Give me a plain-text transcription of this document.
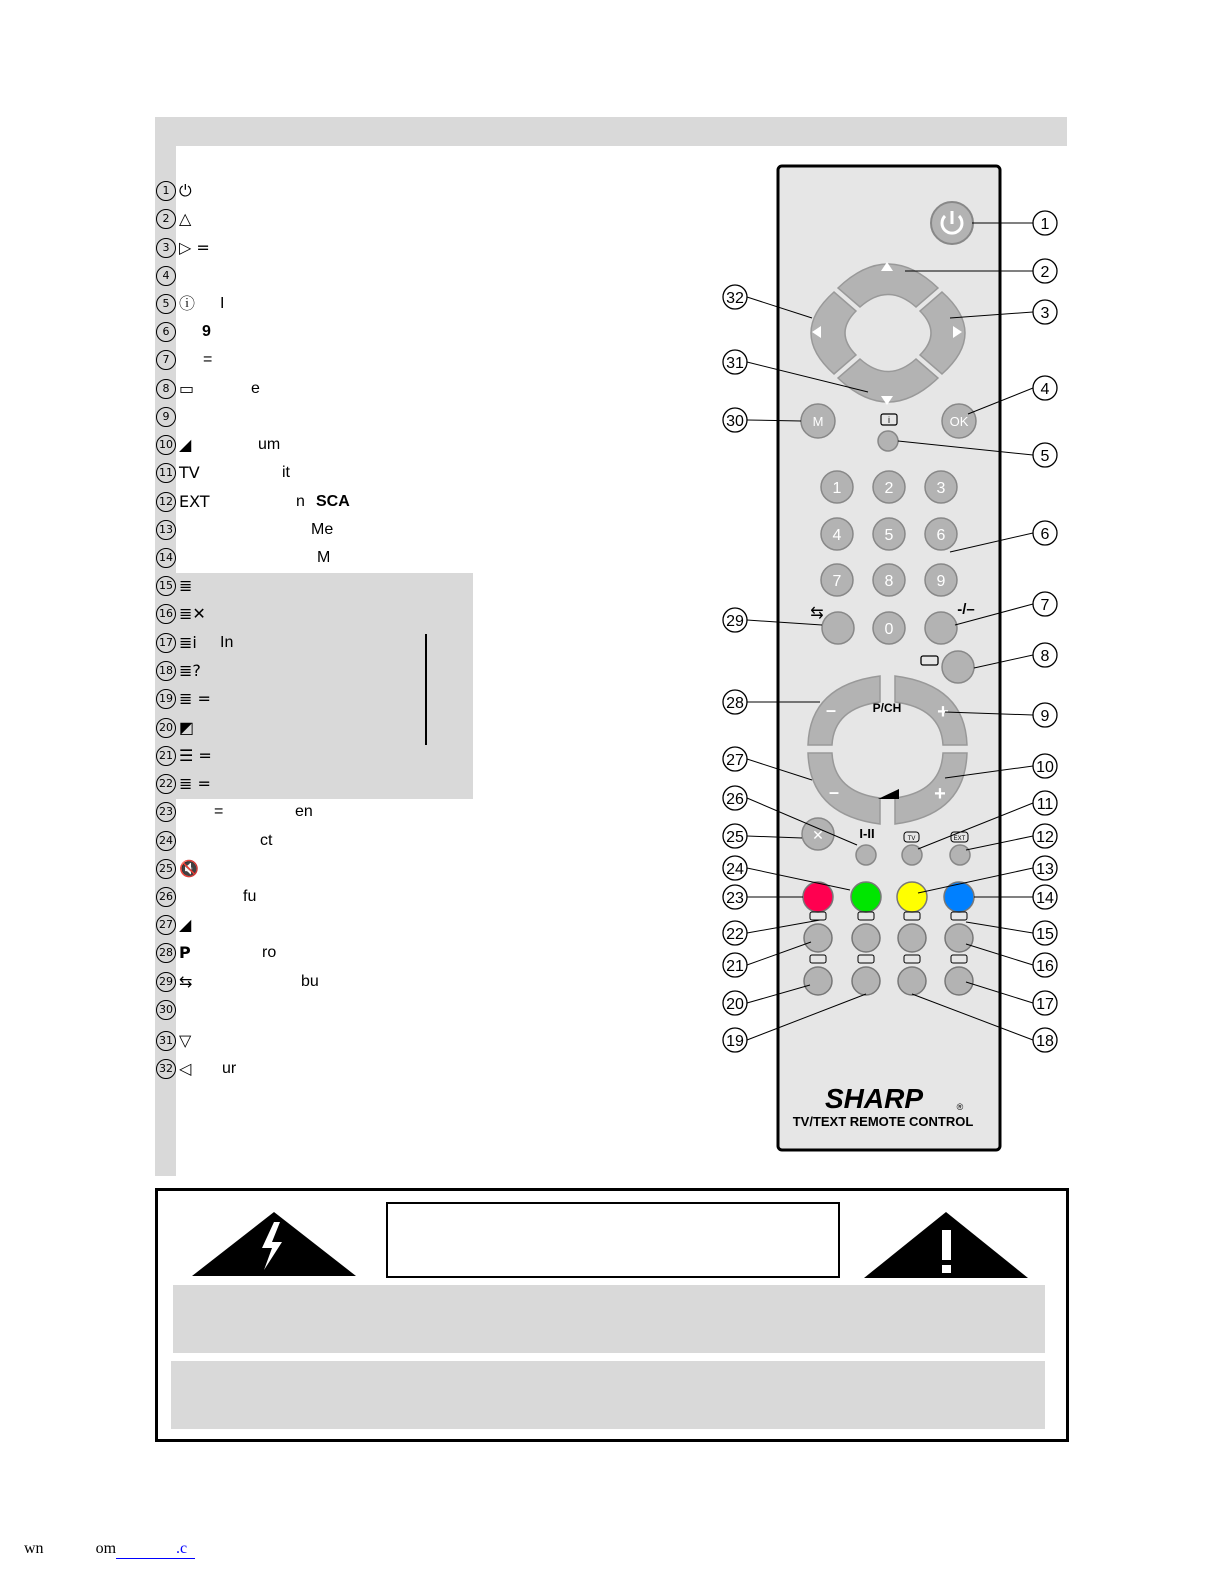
1 ⏻
2 △
3 ▷ =
4
5 ⓘ I
6	9
7	=
8 ▭	e
9
10 ◢	um
11 TV	it
12 EXT	n SCA
13	Me
14	M
15 ≣
16 ≣✕
17 ≣i In
18 ≣?
19 ≣ =
20 ◩
21 ☰ =
22 ≣ =
23	=	en
24	ct
25 🔇
26	fu
27 ◢
28 P	ro
29 ⇆	bu
30
31 ▽
32 ◁ ur
M	OK
i
1	2	3
4	5	6
7	8	9
0
⇆	-/–
P/CH
–	+
–	+
✕	I-II	TV	EXT
SHARP	®
TV/TEXT REMOTE CONTROL
1
2
3
4
5
6
7
8
9
10
11
12
13
14
15
16
17
18
19
20
21
22
23
24
25
26
27
28
29
30
31
32
wn	om	.c
